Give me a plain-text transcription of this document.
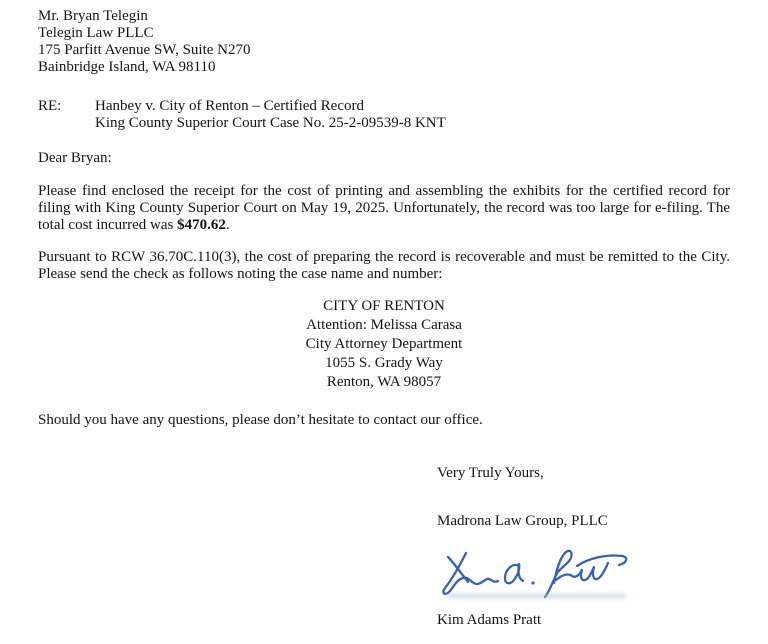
Mr. Bryan Telegin
Telegin Law PLLC
175 Parfitt Avenue SW, Suite N270
Bainbridge Island, WA 98110
RE:	Hanbey v. City of Renton – Certified Record
King County Superior Court Case No. 25-2-09539-8 KNT
Dear Bryan:
Please find enclosed the receipt for the cost of printing and assembling the exhibits for the certified record for filing with King County Superior Court on May 19, 2025. Unfortunately, the record was too large for e-filing. The total cost incurred was $470.62.
Pursuant to RCW 36.70C.110(3), the cost of preparing the record is recoverable and must be remitted to the City. Please send the check as follows noting the case name and number:
CITY OF RENTON
Attention: Melissa Carasa
City Attorney Department
1055 S. Grady Way
Renton, WA 98057
Should you have any questions, please don’t hesitate to contact our office.
Very Truly Yours,
Madrona Law Group, PLLC
Kim Adams Pratt
